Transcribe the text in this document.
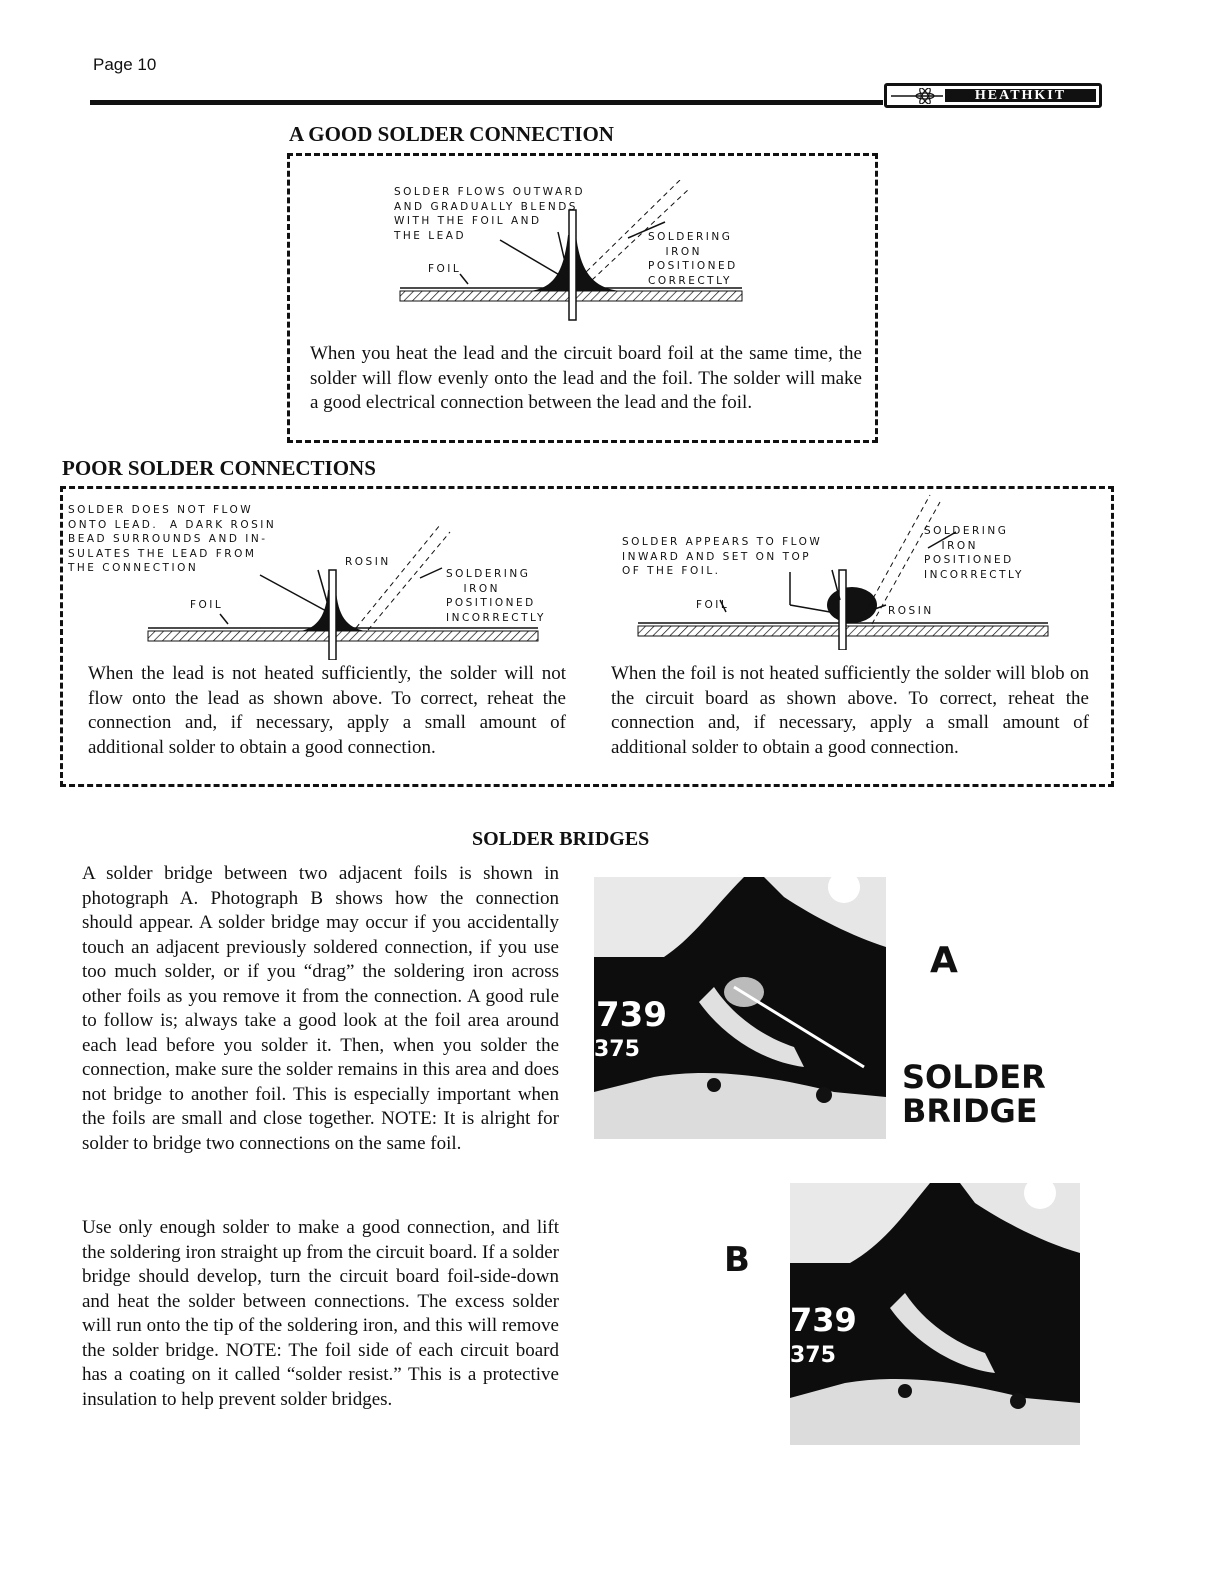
Page 10
HEATHKIT
A GOOD SOLDER CONNECTION
SOLDER FLOWS OUTWARD
AND GRADUALLY BLENDS
WITH THE FOIL AND
THE LEAD	SOLDERING
IRON
POSITIONED
CORRECTLY
FOIL
When you heat the lead and the circuit board foil at the same time, the solder will flow evenly onto the lead and the foil. The solder will make a good electrical connection between the lead and the foil.
POOR SOLDER CONNECTIONS
SOLDER DOES NOT FLOW
ONTO LEAD.  A DARK ROSIN
BEAD SURROUNDS AND IN-
SULATES THE LEAD FROM
THE CONNECTION	ROSIN
SOLDERING
IRON
POSITIONED
INCORRECTLY
FOIL
SOLDER APPEARS TO FLOW
INWARD AND SET ON TOP
OF THE FOIL.
SOLDERING
IRON
POSITIONED
INCORRECTLY
FOIL	ROSIN
When the lead is not heated sufficiently, the solder will not flow onto the lead as shown above. To correct, reheat the connection and, if necessary, apply a small amount of additional solder to obtain a good connection.
When the foil is not heated sufficiently the solder will blob on the circuit board as shown above. To correct, reheat the connection and, if necessary, apply a small amount of additional solder to obtain a good connection.
SOLDER BRIDGES
A solder bridge between two adjacent foils is shown in photograph A. Photograph B shows how the connection should appear. A solder bridge may occur if you accidentally touch an adjacent previously soldered connection, if you use too much solder, or if you “drag” the soldering iron across other foils as you remove it from the connection. A good rule to follow is; always take a good look at the foil area around each lead before you solder it. Then, when you solder the connection, make sure the solder remains in this area and does not bridge to another foil. This is especially important when the foils are small and close together. NOTE: It is alright for solder to bridge two connections on the same foil.
Use only enough solder to make a good connection, and lift the soldering iron straight up from the circuit board. If a solder bridge should develop, turn the circuit board foil-side-down and heat the solder between connections. The excess solder will run onto the tip of the soldering iron, and this will remove the solder bridge. NOTE: The foil side of each circuit board has a coating on it called “solder resist.” This is a protective insulation to help prevent solder bridges.
739
375
A
SOLDER
BRIDGE
739
375
B
